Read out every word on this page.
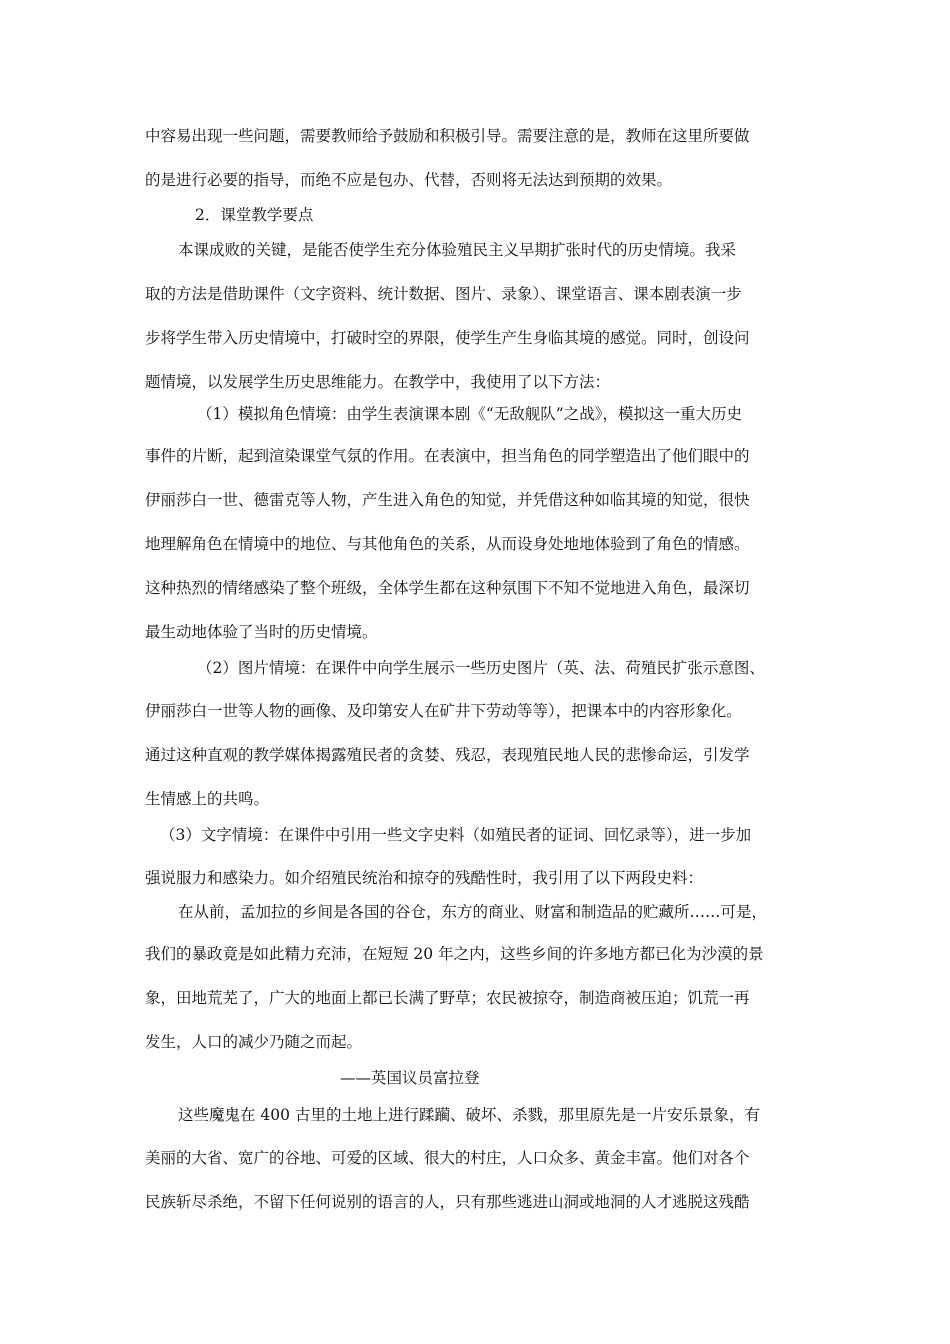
中容易出现一些问题，需要教师给予鼓励和积极引导。需要注意的是，教师在这里所要做
的是进行必要的指导，而绝不应是包办、代替，否则将无法达到预期的效果。
2．课堂教学要点
本课成败的关键，是能否使学生充分体验殖民主义早期扩张时代的历史情境。我采
取的方法是借助课件（文字资料、统计数据、图片、录象）、课堂语言、课本剧表演一步
步将学生带入历史情境中，打破时空的界限，使学生产生身临其境的感觉。同时，创设问
题情境，以发展学生历史思维能力。在教学中，我使用了以下方法：
（1）模拟角色情境：由学生表演课本剧《“无敌舰队”之战》，模拟这一重大历史
事件的片断，起到渲染课堂气氛的作用。在表演中，担当角色的同学塑造出了他们眼中的
伊丽莎白一世、德雷克等人物，产生进入角色的知觉，并凭借这种如临其境的知觉，很快
地理解角色在情境中的地位、与其他角色的关系，从而设身处地地体验到了角色的情感。
这种热烈的情绪感染了整个班级，全体学生都在这种氛围下不知不觉地进入角色，最深切
最生动地体验了当时的历史情境。
（2）图片情境：在课件中向学生展示一些历史图片（英、法、荷殖民扩张示意图、
伊丽莎白一世等人物的画像、及印第安人在矿井下劳动等等），把课本中的内容形象化。
通过这种直观的教学媒体揭露殖民者的贪婪、残忍，表现殖民地人民的悲惨命运，引发学
生情感上的共鸣。
（3）文字情境：在课件中引用一些文字史料（如殖民者的证词、回忆录等），进一步加
强说服力和感染力。如介绍殖民统治和掠夺的残酷性时，我引用了以下两段史料：
在从前，孟加拉的乡间是各国的谷仓，东方的商业、财富和制造品的贮藏所……可是，
我们的暴政竟是如此精力充沛，在短短 20 年之内，这些乡间的许多地方都已化为沙漠的景
象，田地荒芜了，广大的地面上都已长满了野草；农民被掠夺，制造商被压迫；饥荒一再
发生，人口的减少乃随之而起。
——英国议员富拉登
这些魔鬼在 400 古里的土地上进行蹂躏、破坏、杀戮，那里原先是一片安乐景象，有
美丽的大省、宽广的谷地、可爱的区域、很大的村庄，人口众多、黄金丰富。他们对各个
民族斩尽杀绝，不留下任何说别的语言的人，只有那些逃进山洞或地洞的人才逃脱这残酷
